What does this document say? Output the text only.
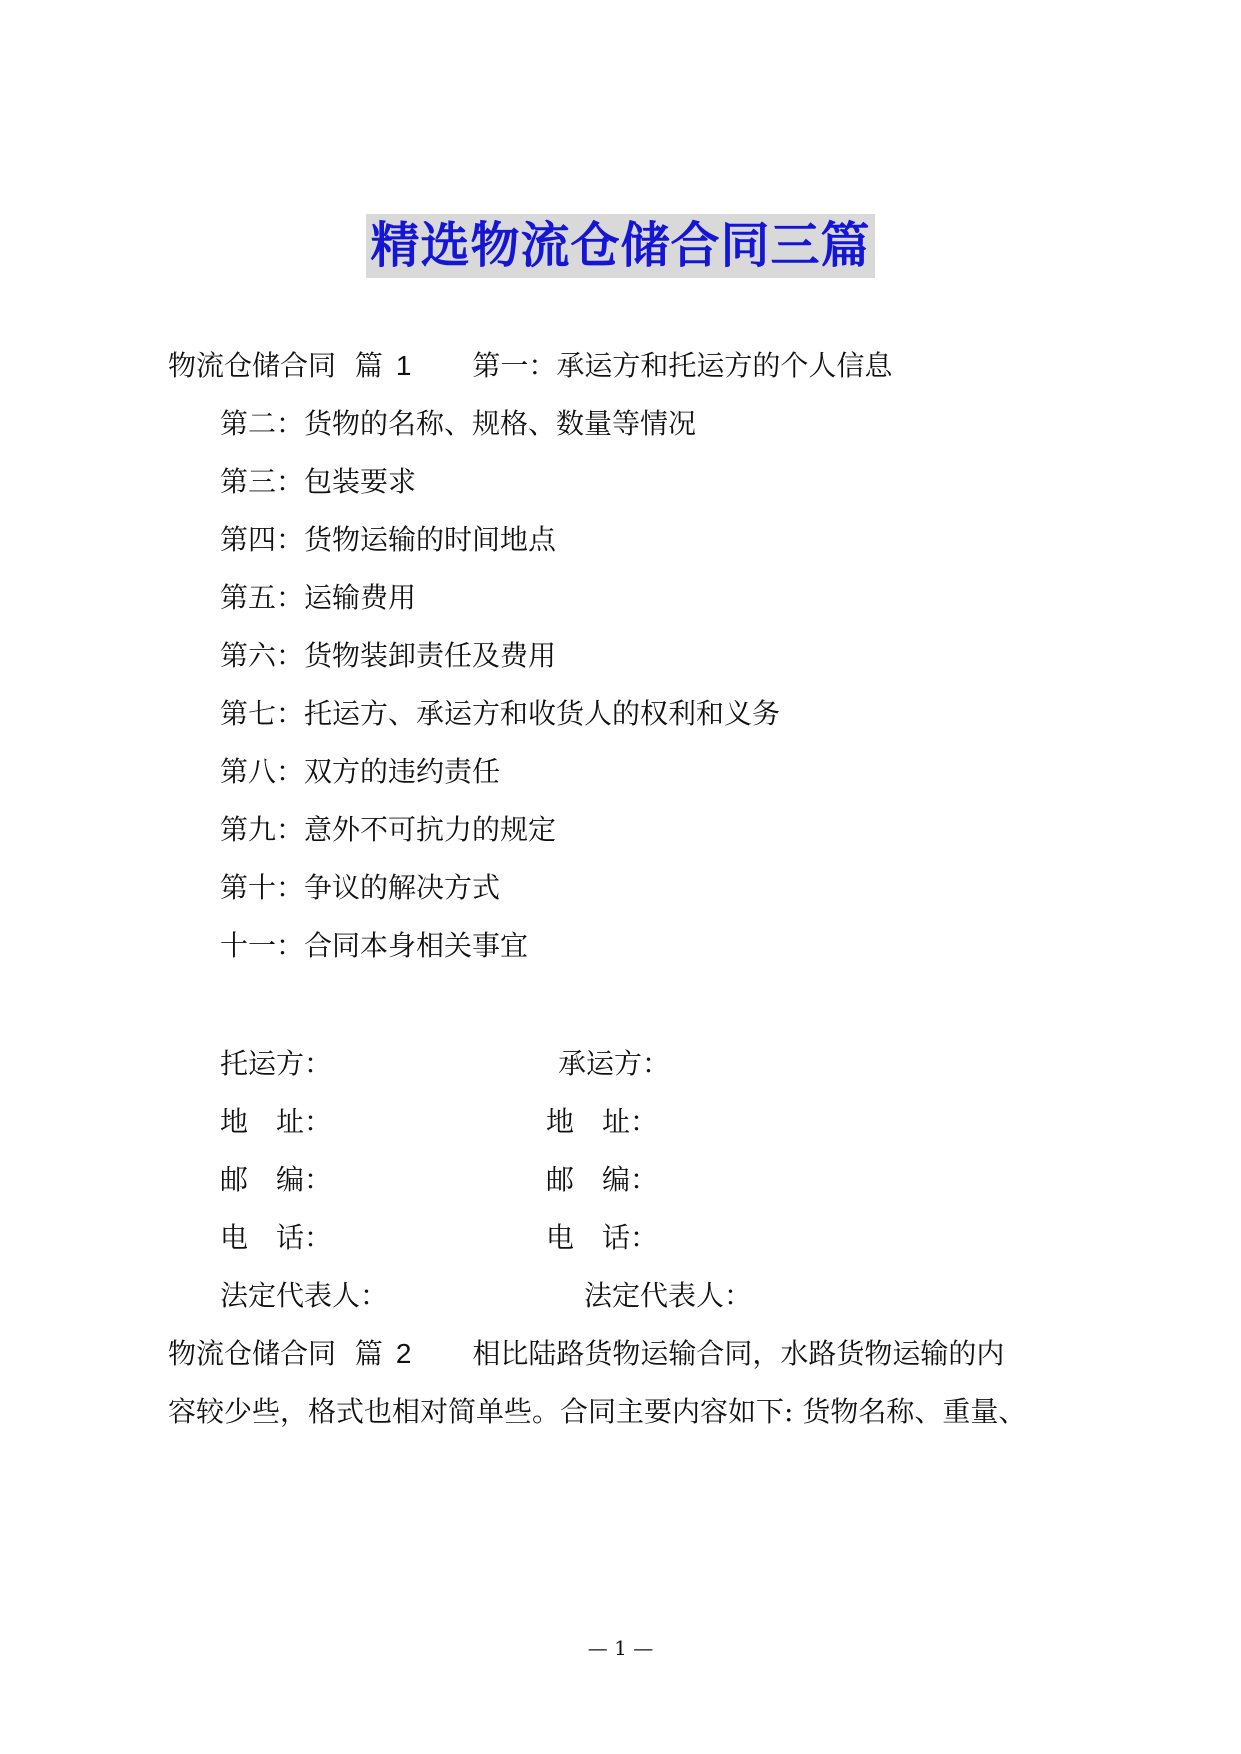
精选物流仓储合同三篇
物流仓储合同 篇 1 第一：承运方和托运方的个人信息
第二：货物的名称、规格、数量等情况
第三：包装要求
第四：货物运输的时间地点
第五：运输费用
第六：货物装卸责任及费用
第七：托运方、承运方和收货人的权利和义务
第八：双方的违约责任
第九：意外不可抗力的规定
第十：争议的解决方式
十一：合同本身相关事宜
托运方：
地　址：
邮　编：
电　话：
法定代表人：
承运方：
地　址：
邮　编：
电　话：
法定代表人：
物流仓储合同 篇 2 相比陆路货物运输合同，水路货物运输的内
容较少些，格式也相对简单些。合同主要内容如下: 货物名称、重量、
— 1 —
